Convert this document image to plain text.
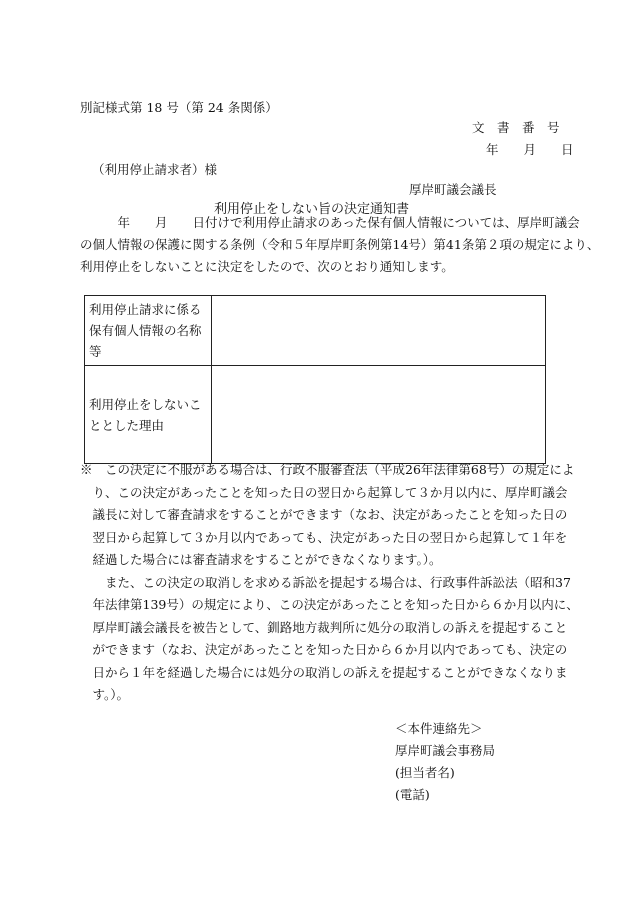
別記様式第 18 号（第 24 条関係）
文　書　番　号
年　　月　　日
（利用停止請求者）様
厚岸町議会議長
利用停止をしない旨の決定通知書

　　　年　　月　　日付けで利用停止請求のあった保有個人情報については、厚岸町議会

の個人情報の保護に関する条例（令和５年厚岸町条例第14号）第41条第２項の規定により、

利用停止をしないことに決定をしたので、次のとおり通知します。

利用停止請求に係る
保有個人情報の名称
等	

利用停止をしないこ
ととした理由	

※　この決定に不服がある場合は、行政不服審査法（平成26年法律第68号）の規定によ

　り、この決定があったことを知った日の翌日から起算して３か月以内に、厚岸町議会

　議長に対して審査請求をすることができます（なお、決定があったことを知った日の

　翌日から起算して３か月以内であっても、決定があった日の翌日から起算して１年を

　経過した場合には審査請求をすることができなくなります。）。

　　また、この決定の取消しを求める訴訟を提起する場合は、行政事件訴訟法（昭和37

　年法律第139号）の規定により、この決定があったことを知った日から６か月以内に、

　厚岸町議会議長を被告として、釧路地方裁判所に処分の取消しの訴えを提起すること

　ができます（なお、決定があったことを知った日から６か月以内であっても、決定の

　日から１年を経過した場合には処分の取消しの訴えを提起することができなくなりま

　す。）。

＜本件連絡先＞
厚岸町議会事務局
(担当者名)
(電話)
